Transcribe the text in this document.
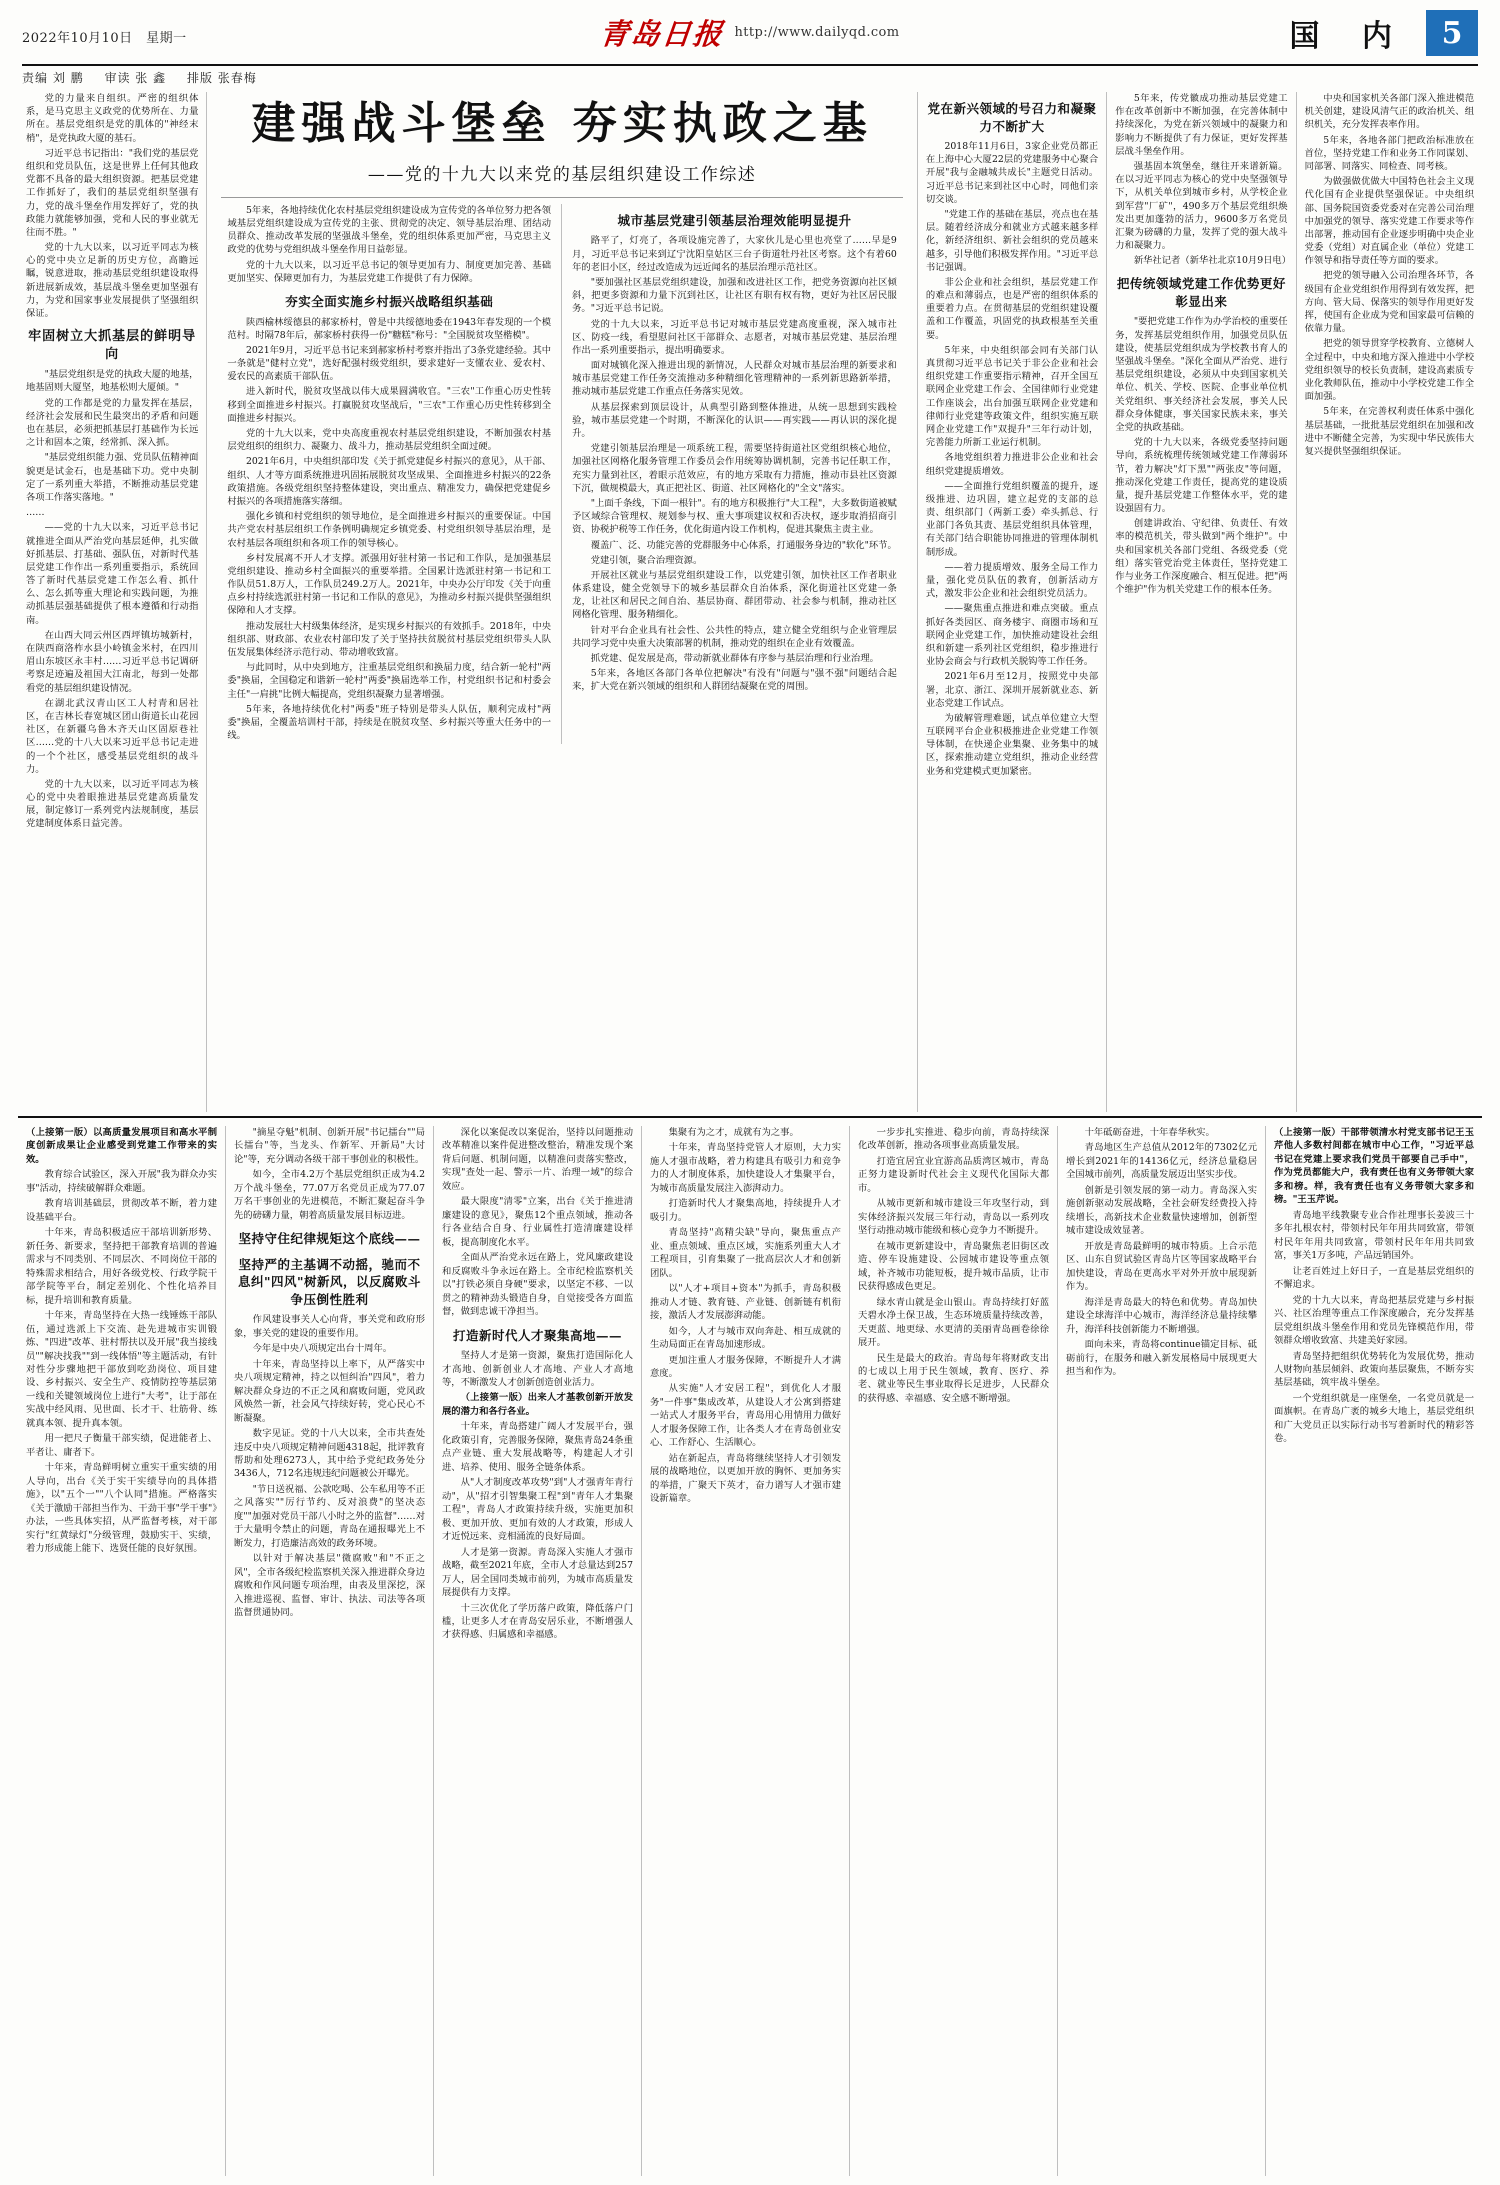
2022年10月10日　星期一	青岛日报 http://www.dailyqd.com	国 内	5
责编 刘 鹏 审读 张 鑫 排版 张春梅

党的力量来自组织。严密的组织体系，是马克思主义政党的优势所在、力量所在。基层党组织是党的肌体的"神经末梢"，是党执政大厦的基石。

习近平总书记指出："我们党的基层党组织和党员队伍，这是世界上任何其他政党都不具备的最大组织资源。把基层党建工作抓好了，我们的基层党组织坚强有力，党的战斗堡垒作用发挥好了，党的执政能力就能够加强，党和人民的事业就无往而不胜。"

党的十九大以来，以习近平同志为核心的党中央立足新的历史方位，高瞻远瞩，锐意进取，推动基层党组织建设取得新进展新成效，基层战斗堡垒更加坚强有力，为党和国家事业发展提供了坚强组织保证。

牢固树立大抓基层的鲜明导向

"基层党组织是党的执政大厦的地基，地基固则大厦坚，地基松则大厦倾。"

党的工作都是党的力量发挥在基层，经济社会发展和民生最突出的矛盾和问题也在基层，必须把抓基层打基础作为长远之计和固本之策，经常抓、深入抓。

"基层党组织能力强、党员队伍精神面貌更是试金石，也是基础下功。党中央制定了一系列重大举措，不断推动基层党建各项工作落实落地。"

……

——党的十九大以来，习近平总书记就推进全面从严治党向基层延伸，扎实做好抓基层、打基础、强队伍，对新时代基层党建工作作出一系列重要指示，系统回答了新时代基层党建工作怎么看、抓什么、怎么抓等重大理论和实践问题，为推动抓基层强基础提供了根本遵循和行动指南。

在山西大同云州区西坪镇坊城新村，在陕西商洛柞水县小岭镇金米村，在四川眉山东坡区永丰村……习近平总书记调研考察足迹遍及祖国大江南北，每到一处都看党的基层组织建设情况。

在湖北武汉青山区工人村青和居社区，在吉林长春宽城区团山街道长山花园社区，在新疆乌鲁木齐天山区固原巷社区……党的十八大以来习近平总书记走进的一个个社区，感受基层党组织的战斗力。

党的十九大以来，以习近平同志为核心的党中央着眼推进基层党建高质量发展，制定修订一系列党内法规制度，基层党建制度体系日益完善。

建强战斗堡垒 夯实执政之基
——党的十九大以来党的基层组织建设工作综述

5年来，各地持续优化农村基层党组织建设成为宣传党的各单位努力把各领域基层党组织建设成为宣传党的主张、贯彻党的决定、领导基层治理、团结动员群众、推动改革发展的坚强战斗堡垒，党的组织体系更加严密，马克思主义政党的优势与党组织战斗堡垒作用日益彰显。

党的十九大以来，以习近平总书记的领导更加有力、制度更加完善、基础更加坚实、保障更加有力，为基层党建工作提供了有力保障。

夯实全面实施乡村振兴战略组织基础

陕西榆林绥德县的郝家桥村，曾是中共绥德地委在1943年春发现的一个模范村。时隔78年后，郝家桥村获得一份"糖糕"称号："全国脱贫攻坚楷模"。

2021年9月，习近平总书记来到郝家桥村考察并指出了3条党建经验。其中一条就是"健村立党"，选好配强村级党组织，要求建好一支懂农业、爱农村、爱农民的高素质干部队伍。

进入新时代，脱贫攻坚战以伟大成果圆满收官。"三农"工作重心历史性转移到全面推进乡村振兴。打赢脱贫攻坚战后，"三农"工作重心历史性转移到全面推进乡村振兴。

党的十九大以来，党中央高度重视农村基层党组织建设，不断加强农村基层党组织的组织力、凝聚力、战斗力，推动基层党组织全面过硬。

2021年6月，中央组织部印发《关于抓党建促乡村振兴的意见》，从干部、组织、人才等方面系统推进巩固拓展脱贫攻坚成果、全面推进乡村振兴的22条政策措施。各级党组织坚持整体建设，突出重点、精准发力，确保把党建促乡村振兴的各项措施落实落细。

强化乡镇和村党组织的领导地位，是全面推进乡村振兴的重要保证。中国共产党农村基层组织工作条例明确规定乡镇党委、村党组织领导基层治理，是农村基层各项组织和各项工作的领导核心。

乡村发展离不开人才支撑。派强用好驻村第一书记和工作队，是加强基层党组织建设、推动乡村全面振兴的重要举措。全国累计选派驻村第一书记和工作队员51.8万人，工作队员249.2万人。2021年，中央办公厅印发《关于向重点乡村持续选派驻村第一书记和工作队的意见》，为推动乡村振兴提供坚强组织保障和人才支撑。

推动发展壮大村级集体经济，是实现乡村振兴的有效抓手。2018年，中央组织部、财政部、农业农村部印发了关于坚持扶贫脱贫村基层党组织带头人队伍发展集体经济示范行动、带动增收致富。

与此同时，从中央到地方，注重基层党组织和换届力度，结合新一轮村"两委"换届，全国稳定和谐新一轮村"两委"换届选举工作，村党组织书记和村委会主任"一肩挑"比例大幅提高，党组织凝聚力显著增强。

5年来，各地持续优化村"两委"班子特别是带头人队伍，顺利完成村"两委"换届，全覆盖培训村干部，持续是在脱贫攻坚、乡村振兴等重大任务中的一线。

城市基层党建引领基层治理效能明显提升

路平了，灯亮了，各项设施完善了，大家伙儿是心里也亮堂了……早是9月，习近平总书记来到辽宁沈阳皇姑区三台子街道牡丹社区考察。这个有着60年的老旧小区，经过改造成为远近闻名的基层治理示范社区。

"要加强社区基层党组织建设，加强和改进社区工作，把党务资源向社区倾斜，把更多资源和力量下沉到社区，让社区有职有权有物，更好为社区居民服务。"习近平总书记说。

党的十九大以来，习近平总书记对城市基层党建高度重视，深入城市社区、防疫一线，看望慰问社区干部群众、志愿者，对城市基层党建、基层治理作出一系列重要指示，提出明确要求。

面对城镇化深入推进出现的新情况，人民群众对城市基层治理的新要求和城市基层党建工作任务交流推动多种精细化管理精神的一系列新思路新举措，推动城市基层党建工作重点任务落实见效。

从基层探索到顶层设计，从典型引路到整体推进，从统一思想到实践检验，城市基层党建一个时期，不断深化的认识——再实践——再认识的深化提升。

党建引领基层治理是一项系统工程，需要坚持街道社区党组织核心地位，加强社区网格化服务管理工作委员会作用统筹协调机制，完善书记任职工作，充实力量到社区，着眼示范效应，有的地方采取有力措施，推动市县社区资源下沉，做规模最大，真正把社区、街道、社区网格化的"全文"落实。

"上面千条线，下面一根针"。有的地方积极推行"大工程"，大多数街道被赋予区域综合管理权、规划参与权、重大事项建议权和否决权，逐步取消招商引资、协税护税等工作任务，优化街道内设工作机构，促进其聚焦主责主业。

覆盖广、泛、功能完善的党群服务中心体系，打通服务身边的"软化"环节。

党建引领，聚合治理资源。

开展社区就业与基层党组织建设工作，以党建引领，加快社区工作者职业体系建设，健全党领导下的城乡基层群众自治体系，深化街道社区党建一条龙，让社区和居民之间自治、基层协商、群团带动、社会参与机制，推动社区网格化管理、服务精细化。

针对平台企业具有社会性、公共性的特点，建立健全党组织与企业管理层共同学习党中央重大决策部署的机制，推动党的组织在企业有效覆盖。

抓党建、促发展是高，带动新就业群体有序参与基层治理和行业治理。

5年来，各地区各部门各单位把解决"有没有"问题与"强不强"问题结合起来，扩大党在新兴领域的组织和人群团结凝聚在党的周围。

党在新兴领域的号召力和凝聚力不断扩大

2018年11月6日，3家企业党员都正在上海中心大厦22层的党建服务中心聚合开展"我与金融城共成长"主题党日活动。习近平总书记来到社区中心时，同他们亲切交谈。

"党建工作的基础在基层，亮点也在基层。随着经济成分和就业方式越来越多样化，新经济组织、新社会组织的党员越来越多，引导他们积极发挥作用。"习近平总书记强调。

非公企业和社会组织，基层党建工作的难点和薄弱点，也是严密的组织体系的重要着力点。在贯彻基层的党组织建设覆盖和工作覆盖，巩固党的执政根基至关重要。

5年来，中央组织部会同有关部门认真贯彻习近平总书记关于非公企业和社会组织党建工作重要指示精神，召开全国互联网企业党建工作会、全国律师行业党建工作座谈会，出台加强互联网企业党建和律师行业党建等政策文件，组织实施互联网企业党建工作"双提升"三年行动计划，完善能力所新工业运行机制。

各地党组织着力推进非公企业和社会组织党建提质增效。

——全面推行党组织覆盖的提升，逐级推进、边巩固，建立起党的支部的总责、组织部门（两新工委）牵头抓总、行业部门各负其责、基层党组织具体管理，有关部门结合职能协同推进的管理体制机制形成。

——着力提质增效、服务全局工作力量，强化党员队伍的教育，创新活动方式，激发非公企业和社会组织党员活力。

——聚焦重点推进和难点突破。重点抓好各类园区、商务楼宇、商圈市场和互联网企业党建工作，加快推动建设社会组织和新建一系列社区党组织，稳步推进行业协会商会与行政机关脱钩等工作任务。

2021年6月至12月，按照党中央部署，北京、浙江、深圳开展新就业态、新业态党建工作试点。

为破解管理难题，试点单位建立大型互联网平台企业积极推进企业党建工作领导体制，在快递企业集聚、业务集中的城区，探索推动建立党组织，推动企业经营业务和党建模式更加紧密。

5年来，传党徽成功推动基层党建工作在改革创新中不断加强，在完善体制中持续深化，为党在新兴领域中的凝聚力和影响力不断提供了有力保证，更好发挥基层战斗堡垒作用。

强基固本筑堡垒，继往开来谱新篇。在以习近平同志为核心的党中央坚强领导下，从机关单位到城市乡村，从学校企业到军营"厂矿"，490多万个基层党组织焕发出更加蓬勃的活力，9600多万名党员汇聚为磅礴的力量，发挥了党的强大战斗力和凝聚力。

新华社记者（新华社北京10月9日电）

把传统领域党建工作优势更好彰显出来

"要把党建工作作为办学治校的重要任务，发挥基层党组织作用，加强党员队伍建设，使基层党组织成为学校教书育人的坚强战斗堡垒。"深化全面从严治党、进行基层党组织建设，必须从中央到国家机关单位、机关、学校、医院、企事业单位机关党组织、事关经济社会发展，事关人民群众身体健康，事关国家民族未来，事关全党的执政基础。

党的十九大以来，各级党委坚持问题导向，系统梳理传统领域党建工作薄弱环节，着力解决"灯下黑""两张皮"等问题，推动深化党建工作责任，提高党的建设质量，提升基层党建工作整体水平，党的建设强固有力。

创建讲政治、守纪律、负责任、有效率的模范机关，带头做到"两个维护"。中央和国家机关各部门党组、各级党委（党组）落实管党治党主体责任，坚持党建工作与业务工作深度融合、相互促进。把"两个维护"作为机关党建工作的根本任务。

中央和国家机关各部门深入推进模范机关创建，建设风清气正的政治机关、组织机关，充分发挥表率作用。

5年来，各地各部门把政治标准放在首位，坚持党建工作和业务工作同谋划、同部署、同落实、同检查、同考核。

为做强做优做大中国特色社会主义现代化国有企业提供坚强保证。中央组织部、国务院国资委党委对在完善公司治理中加强党的领导、落实党建工作要求等作出部署，推动国有企业逐步明确中央企业党委（党组）对直属企业（单位）党建工作领导和指导责任等方面的要求。

把党的领导融入公司治理各环节，各级国有企业党组织作用得到有效发挥，把方向、管大局、保落实的领导作用更好发挥，使国有企业成为党和国家最可信赖的依靠力量。

把党的领导贯穿学校教育、立德树人全过程中，中央和地方深入推进中小学校党组织领导的校长负责制，建设高素质专业化教师队伍，推动中小学校党建工作全面加强。

5年来，在完善权利责任体系中强化基层基础，一批批基层党组织在加强和改进中不断健全完善，为实现中华民族伟大复兴提供坚强组织保证。

（上接第一版）以高质量发展项目和高水平制度创新成果让企业感受到党建工作带来的实效。

教育综合试验区，深入开展"我为群众办实事"活动，持续破解群众难题。

教育培训基础层，贯彻改革不断，着力建设基础平台。

十年来，青岛积极适应干部培训新形势、新任务、新要求，坚持把干部教育培训的普遍需求与不同类别、不同层次、不同岗位干部的特殊需求相结合，用好各级党校、行政学院干部学院等平台，制定差别化、个性化培养目标，提升培训和教育质量。

十年来，青岛坚持在大热一线锤炼干部队伍，通过选派上下交流、赴先进城市实训锻炼、"四进"改革、驻村帮扶以及开展"我当接线员""解决找我""到一线体悟"等主题活动，有针对性分步骤地把干部放到吃劲岗位、项目建设、乡村振兴、安全生产、疫情防控等基层第一线和关键领域岗位上进行"大考"，让于部在实战中经风雨、见世面、长才干、壮筋骨、练就真本领、提升真本领。

用一把尺子衡量干部实绩，促进能者上、平者让、庸者下。

十年来，青岛鲜明树立重实干重实绩的用人导向，出台《关于实干实绩导向的具体措施》，以"五个一""八个认同"措施。严格落实《关于激励干部担当作为、干劲干事"学干事"》办法，一些具体实招，从严监督考核，对干部实行"红黄绿灯"分级管理，鼓励实干、实绩，着力形成能上能下、选贤任能的良好氛围。

"摘星夺魁"机制、创新开展"书记擂台""局长擂台"等，当龙头、作新军、开新局"大讨论"等，充分调动各级干部干事创业的积极性。

如今，全市4.2万个基层党组织正成为4.2万个战斗堡垒，77.07万名党员正成为77.07万名干事创业的先进模范，不断汇聚起奋斗争先的磅礴力量，朝着高质量发展目标迈进。

坚持守住纪律规矩这个底线——
坚持严的主基调不动摇，驰而不息纠"四风"树新风，以反腐败斗争压倒性胜利

作风建设事关人心向背，事关党和政府形象，事关党的建设的重要作用。

今年是中央八项规定出台十周年。

十年来，青岛坚持以上率下，从严落实中央八项规定精神，持之以恒纠治"四风"，着力解决群众身边的不正之风和腐败问题，党风政风焕然一新，社会风气持续好转，党心民心不断凝聚。

数字见证。党的十八大以来，全市共查处违反中央八项规定精神问题4318起，批评教育帮助和处理6273人，其中给予党纪政务处分3436人，712名违规违纪问题被公开曝光。

"节日送祝福、公款吃喝、公车私用等不正之风落实""厉行节约、反对浪费"的坚决态度""加强对党员干部八小时之外的监督"……对于大量明令禁止的问题，青岛在通报曝光上不断发力，打造廉洁高效的政务环境。

以针对于解决基层"微腐败"和"不正之风"，全市各级纪检监察机关深入推进群众身边腐败和作风问题专项治理，由表及里深挖，深入推进巡视、监督、审计、执法、司法等各项监督贯通协同。

深化以案促改以案促治，坚持以问题推动改革精准以案件促进整改整治，精准发现个案背后问题、机制问题，以精准问责落实整改，实现"查处一起、警示一片、治理一域"的综合效应。

最大限度"清零"立案，出台《关于推进清廉建设的意见》，聚焦12个重点领域，推动各行各业结合自身、行业属性打造清廉建设样板，提高制度化水平。

全面从严治党永远在路上，党风廉政建设和反腐败斗争永远在路上。全市纪检监察机关以"打铁必须自身硬"要求，以坚定不移、一以贯之的精神劲头锻造自身，自觉接受各方面监督，做到忠诚干净担当。

打造新时代人才聚集高地——

坚持人才是第一资源，聚焦打造国际化人才高地、创新创业人才高地、产业人才高地等，不断激发人才创新创造创业活力。

（上接第一版）出来人才基教创新开放发展的潜力和各行各业。

十年来，青岛搭建广阔人才发展平台，强化政策引育，完善服务保障，聚焦青岛24条重点产业链、重大发展战略等，构建起人才引进、培养、使用、服务全链条体系。

从"人才制度改革攻势"到"人才强青年青行动"，从"招才引智集聚工程"到"青年人才集聚工程"，青岛人才政策持续升级，实施更加积极、更加开放、更加有效的人才政策，形成人才近悦远来、竞相涌流的良好局面。

人才是第一资源。青岛深入实施人才强市战略，截至2021年底，全市人才总量达到257万人，居全国同类城市前列，为城市高质量发展提供有力支撑。

十三次优化了学历落户政策，降低落户门槛，让更多人才在青岛安居乐业，不断增强人才获得感、归属感和幸福感。

集聚有为之才，成就有为之事。

十年来，青岛坚持党管人才原则，大力实施人才强市战略，着力构建具有吸引力和竞争力的人才制度体系，加快建设人才集聚平台，为城市高质量发展注入澎湃动力。

打造新时代人才聚集高地，持续提升人才吸引力。

青岛坚持"高精尖缺"导向，聚焦重点产业、重点领域、重点区域，实施系列重大人才工程项目，引育集聚了一批高层次人才和创新团队。

以"人才+项目+资本"为抓手，青岛积极推动人才链、教育链、产业链、创新链有机衔接，激活人才发展澎湃动能。

如今，人才与城市双向奔赴、相互成就的生动局面正在青岛加速形成。

更加注重人才服务保障，不断提升人才满意度。

从实施"人才安居工程"，到优化人才服务"一件事"集成改革，从建设人才公寓到搭建一站式人才服务平台，青岛用心用情用力做好人才服务保障工作，让各类人才在青岛创业安心、工作舒心、生活顺心。

站在新起点，青岛将继续坚持人才引领发展的战略地位，以更加开放的胸怀、更加务实的举措，广聚天下英才，奋力谱写人才强市建设新篇章。

一步步扎实推进、稳步向前，青岛持续深化改革创新，推动各项事业高质量发展。

打造宜居宜业宜游高品质湾区城市，青岛正努力建设新时代社会主义现代化国际大都市。

从城市更新和城市建设三年攻坚行动，到实体经济振兴发展三年行动，青岛以一系列攻坚行动推动城市能级和核心竞争力不断提升。

在城市更新建设中，青岛聚焦老旧街区改造、停车设施建设、公园城市建设等重点领域，补齐城市功能短板，提升城市品质，让市民获得感成色更足。

绿水青山就是金山银山。青岛持续打好蓝天碧水净土保卫战，生态环境质量持续改善，天更蓝、地更绿、水更清的美丽青岛画卷徐徐展开。

民生是最大的政治。青岛每年将财政支出的七成以上用于民生领域，教育、医疗、养老、就业等民生事业取得长足进步，人民群众的获得感、幸福感、安全感不断增强。

十年砥砺奋进，十年春华秋实。

青岛地区生产总值从2012年的7302亿元增长到2021年的14136亿元，经济总量稳居全国城市前列，高质量发展迈出坚实步伐。

创新是引领发展的第一动力。青岛深入实施创新驱动发展战略，全社会研发经费投入持续增长，高新技术企业数量快速增加，创新型城市建设成效显著。

开放是青岛最鲜明的城市特质。上合示范区、山东自贸试验区青岛片区等国家战略平台加快建设，青岛在更高水平对外开放中展现新作为。

海洋是青岛最大的特色和优势。青岛加快建设全球海洋中心城市，海洋经济总量持续攀升，海洋科技创新能力不断增强。

面向未来，青岛将continue锚定目标、砥砺前行，在服务和融入新发展格局中展现更大担当和作为。

（上接第一版）干部带领清水村党支部书记王玉芹他人多数村间都在城市中心工作，"习近平总书记在党建上要求我们党员干部要自己手中"，作为党员都能大户，我有责任也有义务带领大家多和榜。样，我有责任也有义务带领大家多和榜。"王玉芹说。

青岛地平线教聚专业合作社理事长姜波三十多年扎根农村，带领村民年年用共同致富，带领村民年年用共同致富，带领村民年年用共同致富，事关1万多吨，产品远销国外。

让老百姓过上好日子，一直是基层党组织的不懈追求。

党的十九大以来，青岛把基层党建与乡村振兴、社区治理等重点工作深度融合，充分发挥基层党组织战斗堡垒作用和党员先锋模范作用，带领群众增收致富、共建美好家园。

青岛坚持把组织优势转化为发展优势，推动人财物向基层倾斜、政策向基层聚焦，不断夯实基层基础，筑牢战斗堡垒。

一个党组织就是一座堡垒，一名党员就是一面旗帜。在青岛广袤的城乡大地上，基层党组织和广大党员正以实际行动书写着新时代的精彩答卷。
